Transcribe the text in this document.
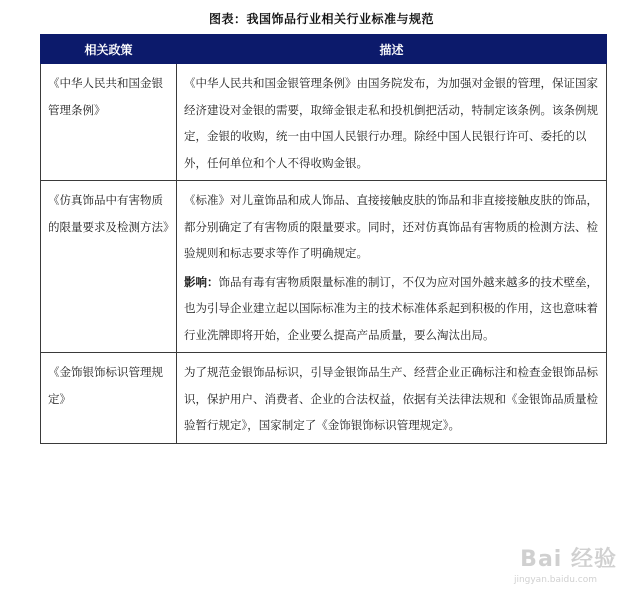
图表：我国饰品行业相关行业标准与规范
相关政策	描述
《中华人民共和国金银管理条例》	《中华人民共和国金银管理条例》由国务院发布，为加强对金银的管理，保证国家经济建设对金银的需要，取缔金银走私和投机倒把活动，特制定该条例。该条例规定，金银的收购，统一由中国人民银行办理。除经中国人民银行许可、委托的以外，任何单位和个人不得收购金银。

《仿真饰品中有害物质的限量要求及检测方法》	《标准》对儿童饰品和成人饰品、直接接触皮肤的饰品和非直接接触皮肤的饰品，都分别确定了有害物质的限量要求。同时，还对仿真饰品有害物质的检测方法、检验规则和标志要求等作了明确规定。

影响：饰品有毒有害物质限量标准的制订，不仅为应对国外越来越多的技术壁垒，也为引导企业建立起以国际标准为主的技术标准体系起到积极的作用，这也意味着行业洗牌即将开始，企业要么提高产品质量，要么淘汰出局。

《金饰银饰标识管理规定》	为了规范金银饰品标识，引导金银饰品生产、经营企业正确标注和检查金银饰品标识，保护用户、消费者、企业的合法权益，依据有关法律法规和《金银饰品质量检验暂行规定》，国家制定了《金饰银饰标识管理规定》。

Bai 经验
jingyan.baidu.com
